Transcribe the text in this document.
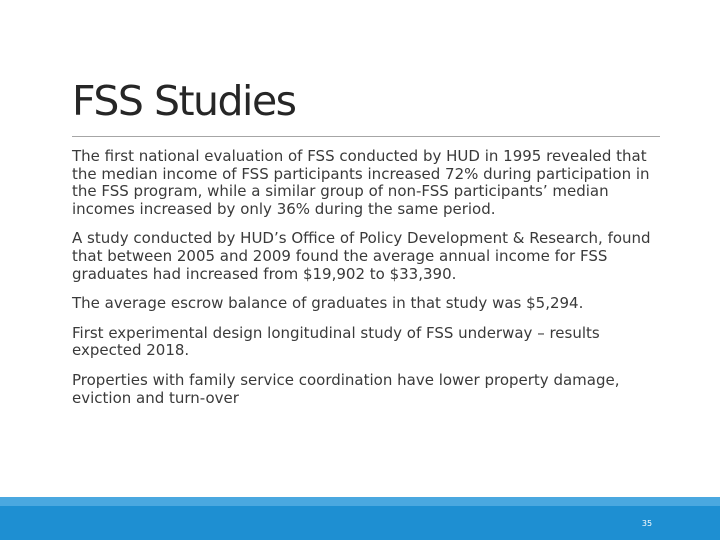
FSS Studies

The first national evaluation of FSS conducted by HUD in 1995 revealed that the median income of FSS participants increased 72% during participation in the FSS program, while a similar group of non-FSS participants’ median incomes increased by only 36% during the same period.

A study conducted by HUD’s Office of Policy Development & Research, found that between 2005 and 2009 found the average annual income for FSS graduates had increased from $19,902 to $33,390.

The average escrow balance of graduates in that study was $5,294.

First experimental design longitudinal study of FSS underway – results expected 2018.

Properties with family service coordination have lower property damage, eviction and turn-over

35
